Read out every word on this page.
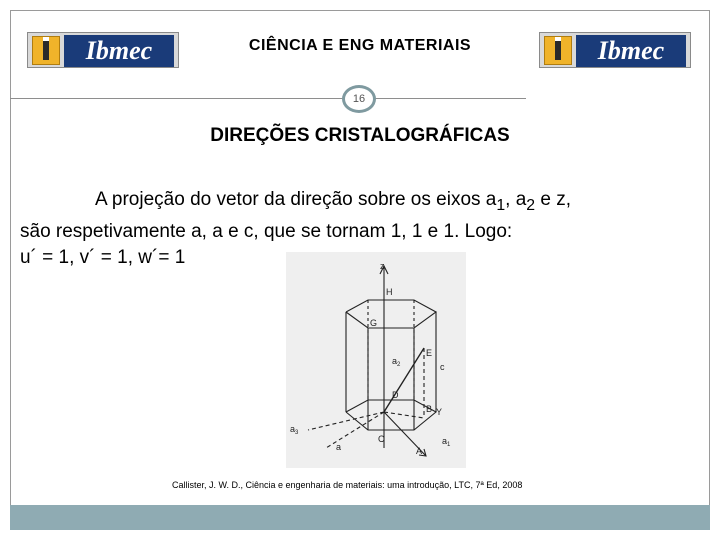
Ibmec	CIÊNCIA E ENG MATERIAIS	Ibmec
16
DIREÇÕES CRISTALOGRÁFICAS
A projeção do vetor da direção sobre os eixos $a_1$, $a_2$ e z,
são respetivamente a, a e c, que se tornam 1, 1 e 1. Logo:
u´ = 1, v´ = 1, w´= 1	z
H
G
E
$a_2$	c
D
B Y
C
A
$a_3$
a
$a_1$
Callister, J. W. D., Ciência e engenharia de materiais: uma introdução, LTC, 7ª Ed, 2008
